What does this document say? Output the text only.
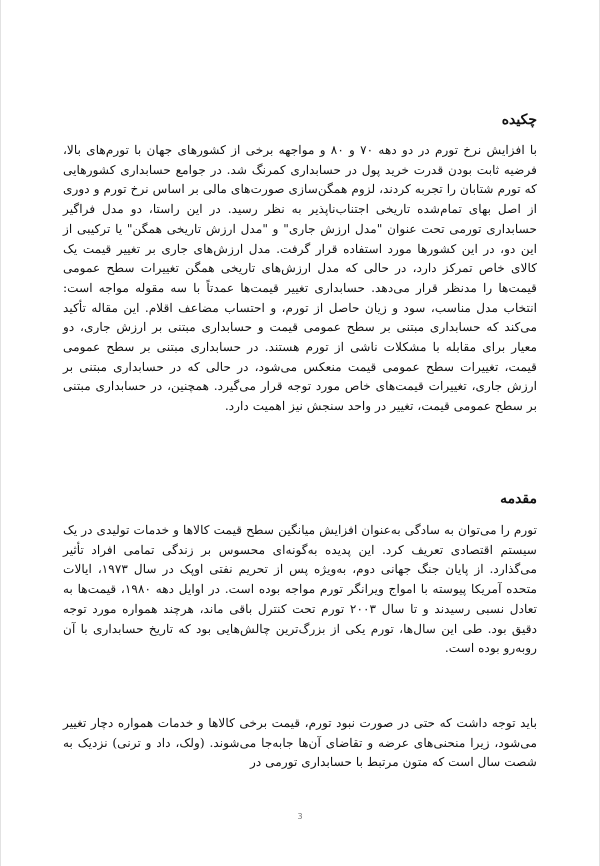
چکیده

با افزایش نرخ تورم در دو دهه ۷۰ و ۸۰ و مواجهه برخی از کشورهای جهان با تورم‌های بالا، فرضیه ثابت بودن قدرت خرید پول در حسابداری کمرنگ شد. در جوامع حسابداری کشورهایی که تورم شتابان را تجربه کردند، لزوم همگن‌سازی صورت‌های مالی بر اساس نرخ تورم و دوری از اصل بهای تمام‌شده تاریخی اجتناب‌ناپذیر به نظر رسید. در این راستا، دو مدل فراگیر حسابداری تورمی تحت عنوان "مدل ارزش جاری" و "مدل ارزش تاریخی همگن" یا ترکیبی از این دو، در این کشورها مورد استفاده قرار گرفت. مدل ارزش‌های جاری بر تغییر قیمت یک کالای خاص تمرکز دارد، در حالی که مدل ارزش‌های تاریخی همگن تغییرات سطح عمومی قیمت‌ها را مدنظر قرار می‌دهد. حسابداری تغییر قیمت‌ها عمدتاً با سه مقوله مواجه است: انتخاب مدل مناسب، سود و زیان حاصل از تورم، و احتساب مضاعف اقلام. این مقاله تأکید می‌کند که حسابداری مبتنی بر سطح عمومی قیمت و حسابداری مبتنی بر ارزش جاری، دو معیار برای مقابله با مشکلات ناشی از تورم هستند. در حسابداری مبتنی بر سطح عمومی قیمت، تغییرات سطح عمومی قیمت منعکس می‌شود، در حالی که در حسابداری مبتنی بر ارزش جاری، تغییرات قیمت‌های خاص مورد توجه قرار می‌گیرد. همچنین، در حسابداری مبتنی بر سطح عمومی قیمت، تغییر در واحد سنجش نیز اهمیت دارد.

مقدمه

تورم را می‌توان به سادگی به‌عنوان افزایش میانگین سطح قیمت کالاها و خدمات تولیدی در یک سیستم اقتصادی تعریف کرد. این پدیده به‌گونه‌ای محسوس بر زندگی تمامی افراد تأثیر می‌گذارد. از پایان جنگ جهانی دوم، به‌ویژه پس از تحریم نفتی اوپک در سال ۱۹۷۳، ایالات متحده آمریکا پیوسته با امواج ویرانگر تورم مواجه بوده است. در اوایل دهه ۱۹۸۰، قیمت‌ها به تعادل نسبی رسیدند و تا سال ۲۰۰۳ تورم تحت کنترل باقی ماند، هرچند همواره مورد توجه دقیق بود. طی این سال‌ها، تورم یکی از بزرگ‌ترین چالش‌هایی بود که تاریخ حسابداری با آن روبه‌رو بوده است.

باید توجه داشت که حتی در صورت نبود تورم، قیمت برخی کالاها و خدمات همواره دچار تغییر می‌شود، زیرا منحنی‌های عرضه و تقاضای آن‌ها جابه‌جا می‌شوند. (ولک، داد و ترنی) نزدیک به شصت سال است که متون مرتبط با حسابداری تورمی در

3
